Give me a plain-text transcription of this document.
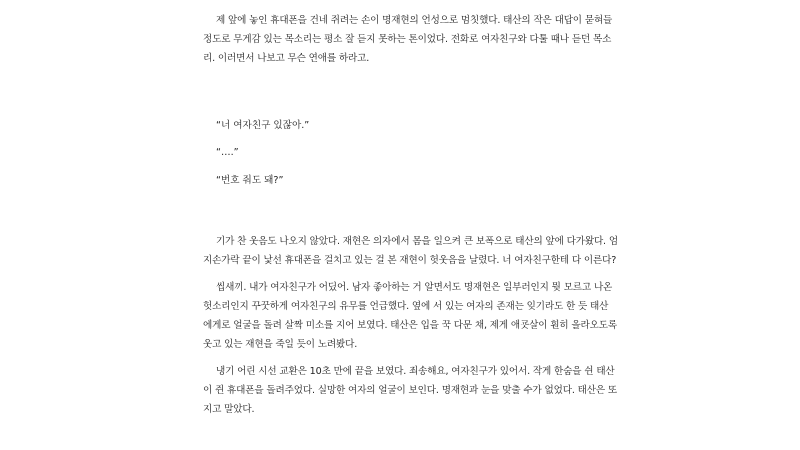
제 앞에 놓인 휴대폰을 건네 쥐려는 손이 명재현의 언성으로 멈칫했다. 태산의 작은 대답이 묻혀들
정도로 무게감 있는 목소리는 평소 잘 듣지 못하는 톤이었다. 전화로 여자친구와 다툴 때나 듣던 목소
리. 이러면서 나보고 무슨 연애를 하라고.

“너 여자친구 있잖아.”

“….”

“번호 줘도 돼?”

기가 찬 웃음도 나오지 않았다. 재현은 의자에서 몸을 일으켜 큰 보폭으로 태산의 앞에 다가왔다. 엄
지손가락 끝이 낯선 휴대폰을 걸치고 있는 걸 본 재현이 헛웃음을 날렸다. 너 여자친구한테 다 이른다?

씹새끼. 내가 여자친구가 어딨어. 남자 좋아하는 거 알면서도 명재현은 일부러인지 뭣 모르고 나온
헛소리인지 꾸꿋하게 여자친구의 유무를 언급했다. 옆에 서 있는 여자의 존재는 잊기라도 한 듯 태산
에게로 얼굴을 돌려 살짝 미소를 지어 보였다. 태산은 입을 꾹 다문 채, 제게 애굣살이 훤히 올라오도록
웃고 있는 재현을 죽일 듯이 노려봤다.

냉기 어린 시선 교환은 10초 만에 끝을 보였다. 죄송해요, 여자친구가 있어서. 작게 한숨을 쉰 태산
이 쥔 휴대폰을 돌려주었다. 실망한 여자의 얼굴이 보인다. 명재현과 눈을 맞출 수가 없었다. 태산은 또
지고 말았다.
